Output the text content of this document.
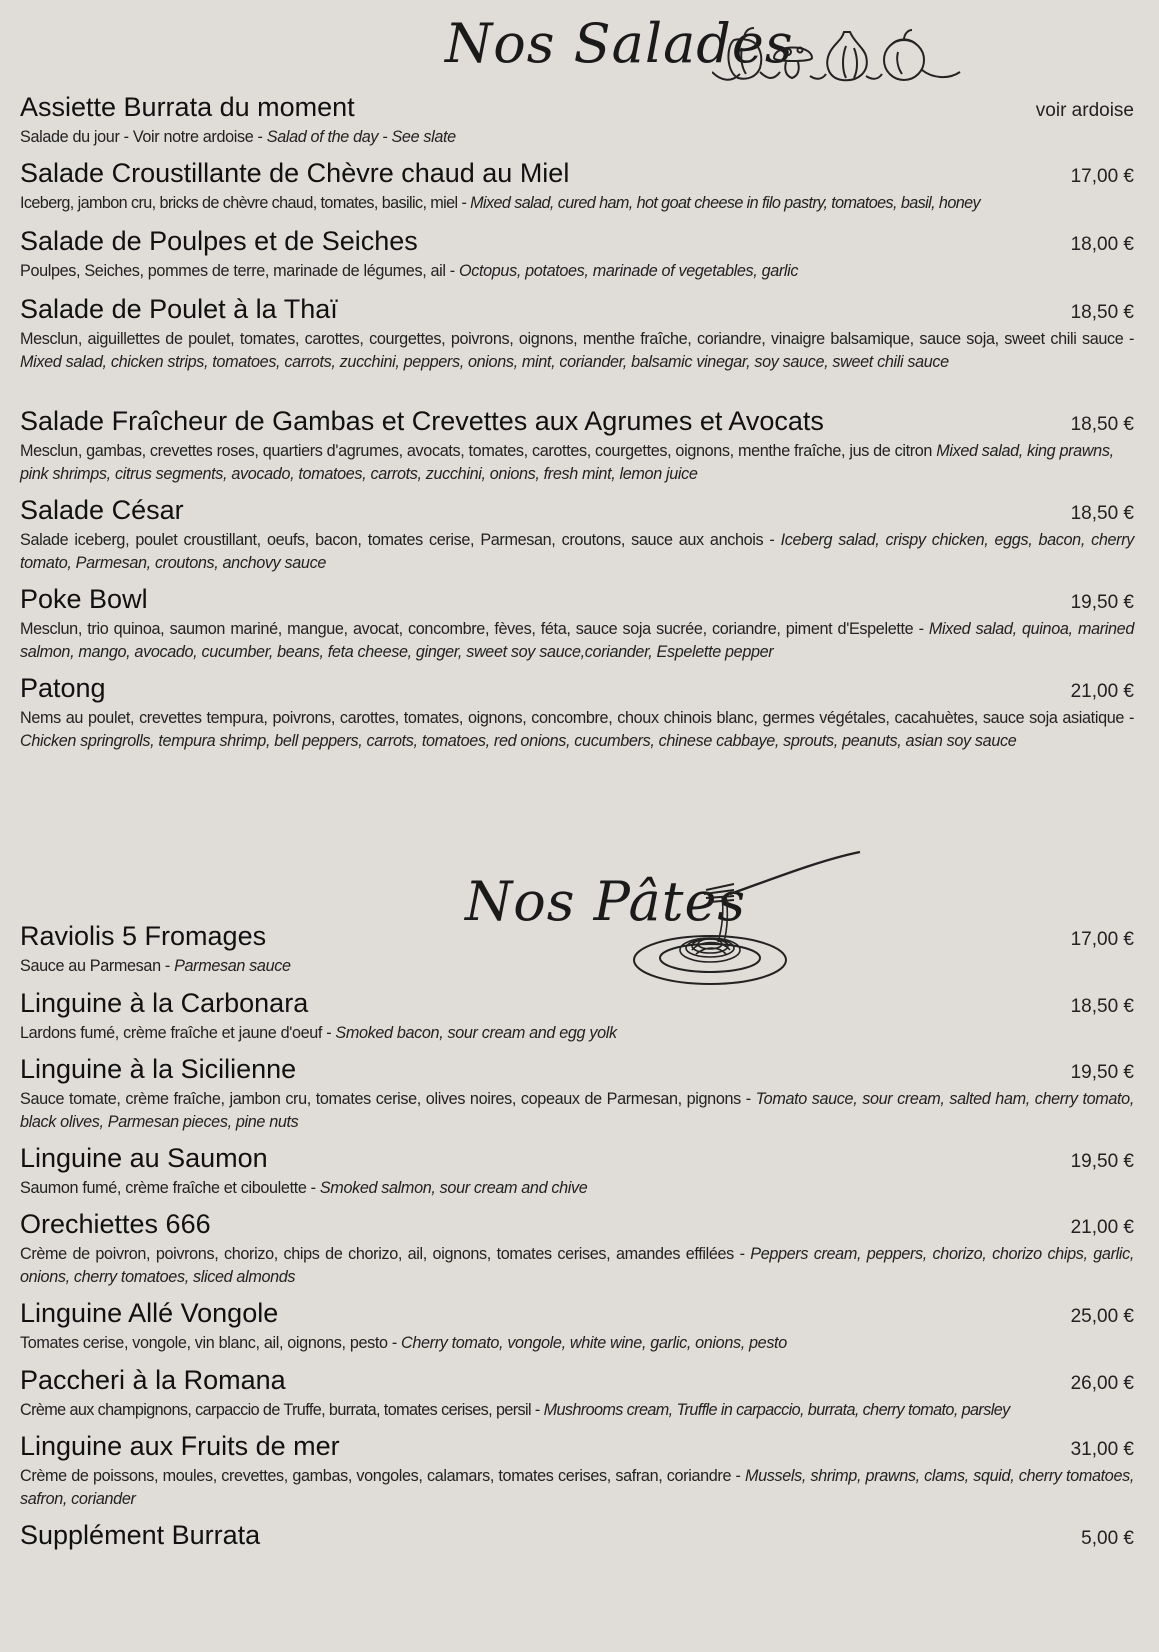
Nos Salades
Assiette Burrata du moment	voir ardoise
Salade du jour - Voir notre ardoise - Salad of the day - See slate
Salade Croustillante de Chèvre chaud au Miel	17,00 €
Iceberg, jambon cru, bricks de chèvre chaud, tomates, basilic, miel - Mixed salad, cured ham, hot goat cheese in filo pastry, tomatoes, basil, honey
Salade de Poulpes et de Seiches	18,00 €
Poulpes, Seiches, pommes de terre, marinade de légumes, ail - Octopus, potatoes, marinade of vegetables, garlic
Salade de Poulet à la Thaï	18,50 €
Mesclun, aiguillettes de poulet, tomates, carottes, courgettes, poivrons, oignons, menthe fraîche, coriandre, vinaigre balsamique, sauce soja, sweet chili sauce - Mixed salad, chicken strips, tomatoes, carrots, zucchini, peppers, onions, mint, coriander, balsamic vinegar, soy sauce, sweet chili sauce
Salade Fraîcheur de Gambas et Crevettes aux Agrumes et Avocats	18,50 €
Mesclun, gambas, crevettes roses, quartiers d'agrumes, avocats, tomates, carottes, courgettes, oignons, menthe fraîche, jus de citron Mixed salad, king prawns, pink shrimps, citrus segments, avocado, tomatoes, carrots, zucchini, onions, fresh mint, lemon juice
Salade César	18,50 €
Salade iceberg, poulet croustillant, oeufs, bacon, tomates cerise, Parmesan, croutons, sauce aux anchois - Iceberg salad, crispy chicken, eggs, bacon, cherry tomato, Parmesan, croutons, anchovy sauce
Poke Bowl	19,50 €
Mesclun, trio quinoa, saumon mariné, mangue, avocat, concombre, fèves, féta, sauce soja sucrée, coriandre, piment d'Espelette - Mixed salad, quinoa, marined salmon, mango, avocado, cucumber, beans, feta cheese, ginger, sweet soy sauce,coriander, Espelette pepper
Patong	21,00 €
Nems au poulet, crevettes tempura, poivrons, carottes, tomates, oignons, concombre, choux chinois blanc, germes végétales, cacahuètes, sauce soja asiatique - Chicken springrolls, tempura shrimp, bell peppers, carrots, tomatoes, red onions, cucumbers, chinese cabbaye, sprouts, peanuts, asian soy sauce
Nos Pâtes
Raviolis 5 Fromages	17,00 €
Sauce au Parmesan - Parmesan sauce
Linguine à la Carbonara	18,50 €
Lardons fumé, crème fraîche et jaune d'oeuf - Smoked bacon, sour cream and egg yolk
Linguine à la Sicilienne	19,50 €
Sauce tomate, crème fraîche, jambon cru, tomates cerise, olives noires, copeaux de Parmesan, pignons - Tomato sauce, sour cream, salted ham, cherry tomato, black olives, Parmesan pieces, pine nuts
Linguine au Saumon	19,50 €
Saumon fumé, crème fraîche et ciboulette - Smoked salmon, sour cream and chive
Orechiettes 666	21,00 €
Crème de poivron, poivrons, chorizo, chips de chorizo, ail, oignons, tomates cerises, amandes effilées - Peppers cream, peppers, chorizo, chorizo chips, garlic, onions, cherry tomatoes, sliced almonds
Linguine Allé Vongole	25,00 €
Tomates cerise, vongole, vin blanc, ail, oignons, pesto - Cherry tomato, vongole, white wine, garlic, onions, pesto
Paccheri à la Romana	26,00 €
Crème aux champignons, carpaccio de Truffe, burrata, tomates cerises, persil - Mushrooms cream, Truffle in carpaccio, burrata, cherry tomato, parsley
Linguine aux Fruits de mer	31,00 €
Crème de poissons, moules, crevettes, gambas, vongoles, calamars, tomates cerises, safran, coriandre - Mussels, shrimp, prawns, clams, squid, cherry tomatoes, safron, coriander
Supplément Burrata	5,00 €
